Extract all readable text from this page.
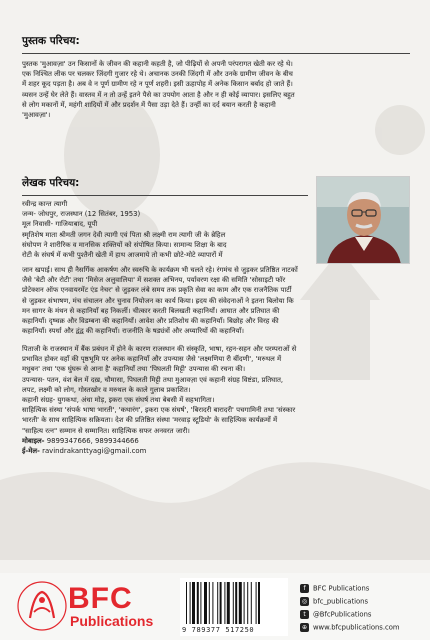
पुस्तक परिचय:
पुस्तक 'मुआवज़ा' उन किसानों के जीवन की कहानी कहती है, जो पीढ़ियों से अपनी परंपरागत खेती कर रहे थे।
एक निश्चित लीक पर चलकर जिंदगी गुजार रहे थे। अचानक उनकी जिंदगी में और उनके ग्रामीण जीवन के बीच
में शहर कूद पड़ता है। अब वे न पूर्ण ग्रामीण रहे न पूर्ण शहरी। इसी ऊहापोह में अनेक किसान बर्बाद हो जाते हैं।
व्यसन उन्हें घेर लेते हैं। वास्तव में न तो उन्हें इतने पैसे का उपयोग आता है और न ही कोई व्यापार। इसलिए बहुत
से लोग मकानों में, महंगी शादियों में और प्रदर्शन में पैसा उड़ा देते हैं। उन्हीं का दर्द बयान करती है कहानी
'मुआवज़ा'।
लेखक परिचय:
रवीन्द्र कान्त त्यागी
जन्म- जोधपुर, राजस्थान (12 सितंबर, 1953)
मूल निवासी- गाजियाबाद, यूपी
स्मृतिशेष माता श्रीमती जगन देवी त्यागी एवं पिता श्री लक्ष्मी राम त्यागी जी के ब्रेहिल
संघोपण ने शारीरिक व मानसिक शक्तियों को संपोषित किया। सामान्य शिक्षा के बाद
रोटी के संघर्ष में कभी पुश्तैनी खेती में हाथ आजमाये तो कभी छोटे-मोटे व्यापारों में
जान खपाई। साथ ही नैसर्गिक आकर्षण और स्वरुचि के कार्यक्रम भी चलते रहे। रंगमंच से जुड़कर प्रतिष्ठित नाटकों
जैसे 'बेटी और रोटी' तथा 'मिसेज अलुवालिया' में सशक्त अभिनय, पर्यावरण रक्षा की समिति 'सोसाइटी फॉर
प्रोटेक्शन ऑफ एनवायरमेंट एंड नेचर' से जुड़कर लंबे समय तक प्रकृति सेवा का काम और एक राजनैतिक पार्टी
से जुड़कर संभाषण, मंच संचालन और चुनाव नियोजन का कार्य किया। ह्रदय की संवेदनाओं ने इतना बिलोया कि
मन सागर के मंथन से कहानियाँ बह निकलीं। चीत्कार करती बिलखती कहानियाँ। आघात और प्रतिघात की
कहानियाँ। दृष्चक्र और विडम्बना की कहानियाँ। आवेश और प्रतिशोध की कहानियाँ। बिछोह और विरह की
कहानियाँ। स्पर्धा और द्वंद्व की कहानियाँ। राजनीति के षड्यंत्रों और अय्यारियों की कहानियाँ।
पिताजी के राजस्थान में बैंक प्रबंधन में होने के कारण राजस्थान की संस्कृति, भाषा, रहन-सहन और परम्पराओं से
प्रभावित होकर वहाँ की पृष्ठभूमि पर अनेक कहानियाँ और उपन्यास जैसे 'लक्ष्मणिया री बींदणी', 'मरुथल में
मधुबन' तथा 'एक घुंघरू से आना है' कहानियाँ तथा 'पिघलती मिट्टी' उपन्यास की रचना की।
उपन्यास- पतन, वंश बेल में दख़, चौमासा, पिघलती मिट्टी तथा मुआवज़ा एवं कहानी संग्रह विष्टंडा, प्रतिघात,
लपट, लक्ष्मी को लोग, गोस्तखोर व मरुथल के काले गुलाब प्रकाशित।
कहानी संग्रह- युगकथा, अंधा मोड़, इकरा एक संघर्ष तथा बेबसी में सहभागिता।
साहित्यिक संस्था 'संपर्क भाषा भारती', 'कथारंग', इकरा एक संघर्ष', 'बिरादरी बारादरी' पचगामिनी तथा 'संस्कार
भारती' के साथ साहित्यिक सक्रियता। देश की प्रतिष्ठित संस्था 'मरवाड़ स्टूडियो' के साहित्यिक कार्यक्रमों में
"साहित्य रत्न" सम्मान से सम्मानित। साहित्यिक सफर अनवरत जारी।
मोबाइल- 9899347666, 9899344666
ई-मेल- ravindrakanttyagi@gmail.com
BFC
Publications
9 789377 517250
f BFC Publications
◎ bfc_publications
t @BfcPublications
⊕ www.bfcpublications.com
